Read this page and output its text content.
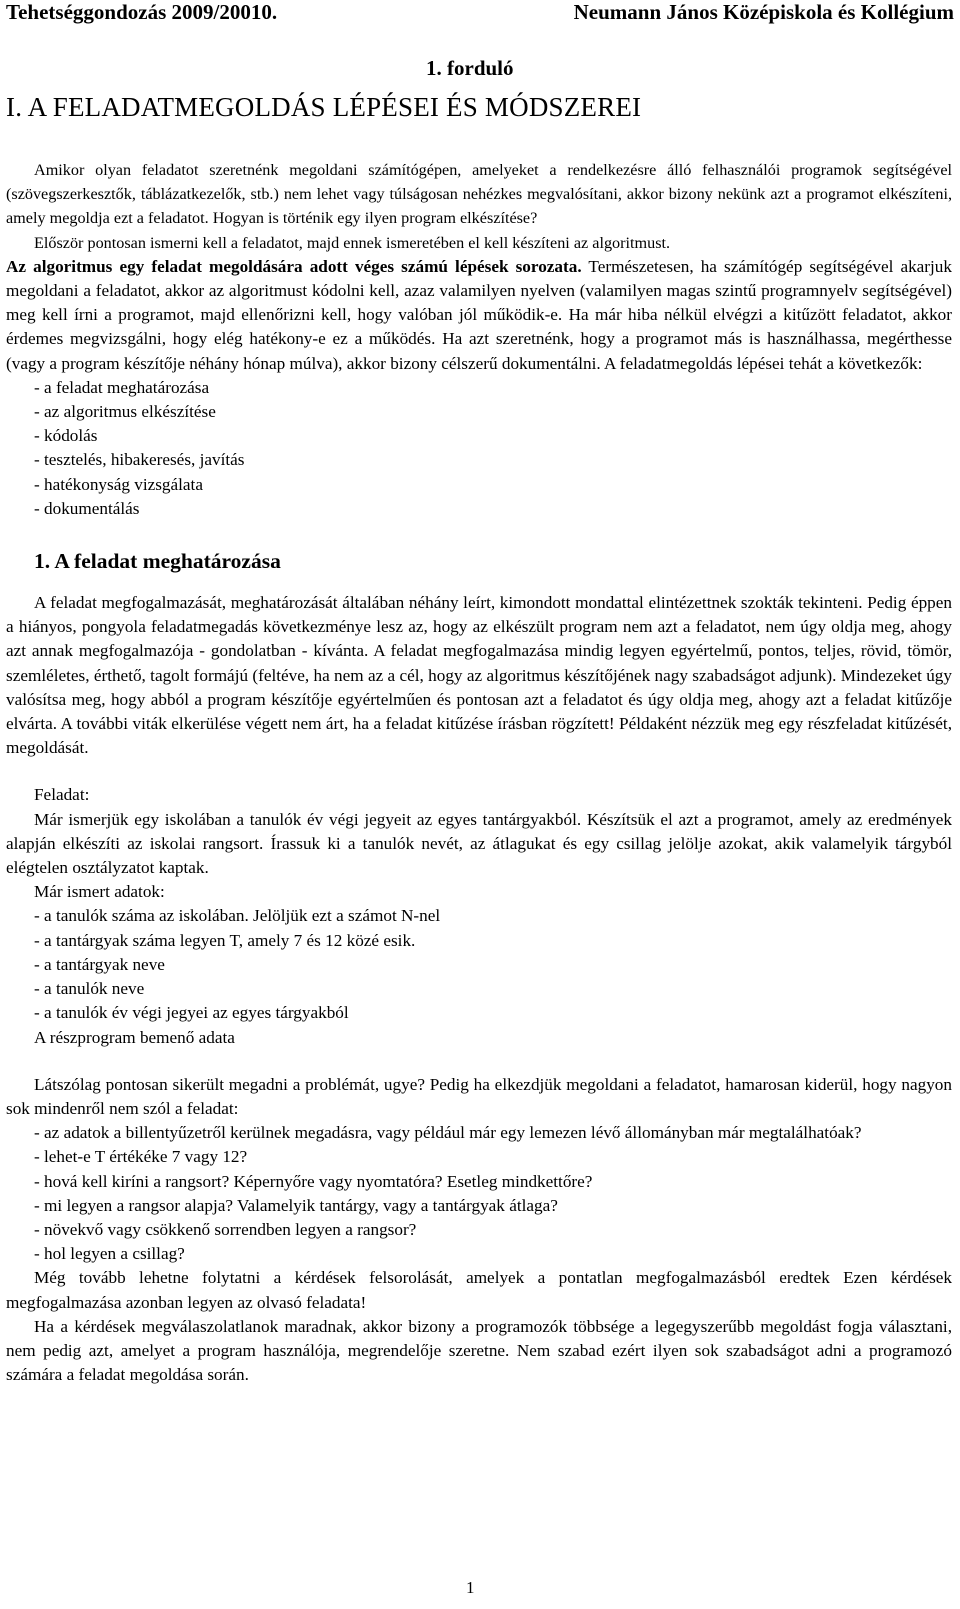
Tehetséggondozás 2009/20010.	Neumann János Középiskola és Kollégium
1. forduló
I. A FELADATMEGOLDÁS LÉPÉSEI ÉS MÓDSZEREI

Amikor olyan feladatot szeretnénk megoldani számítógépen, amelyeket a rendelkezésre álló felhasználói programok segítségével (szövegszerkesztők, táblázatkezelők, stb.) nem lehet vagy túlságosan nehézkes megvalósítani, akkor bizony nekünk azt a programot elkészíteni, amely megoldja ezt a feladatot. Hogyan is történik egy ilyen program elkészítése?

Először pontosan ismerni kell a feladatot, majd ennek ismeretében el kell készíteni az algoritmust.

Az algoritmus egy feladat megoldására adott véges számú lépések sorozata. Természetesen, ha számítógép segítségével akarjuk megoldani a feladatot, akkor az algoritmust kódolni kell, azaz valamilyen nyelven (valamilyen magas szintű programnyelv segítségével) meg kell írni a programot, majd ellenőrizni kell, hogy valóban jól működik-e. Ha már hiba nélkül elvégzi a kitűzött feladatot, akkor érdemes megvizsgálni, hogy elég hatékony-e ez a működés. Ha azt szeretnénk, hogy a programot más is használhassa, megérthesse (vagy a program készítője néhány hónap múlva), akkor bizony célszerű dokumentálni. A feladatmegoldás lépései tehát a következők:

- a feladat meghatározása
- az algoritmus elkészítése
- kódolás
- tesztelés, hibakeresés, javítás
- hatékonyság vizsgálata
- dokumentálás
1. A feladat meghatározása

A feladat megfogalmazását, meghatározását általában néhány leírt, kimondott mondattal elintézettnek szokták tekinteni. Pedig éppen a hiányos, pongyola feladatmegadás következménye lesz az, hogy az elkészült program nem azt a feladatot, nem úgy oldja meg, ahogy azt annak megfogalmazója - gondolatban - kívánta. A feladat megfogalmazása mindig legyen egyértelmű, pontos, teljes, rövid, tömör, szemléletes, érthető, tagolt formájú (feltéve, ha nem az a cél, hogy az algoritmus készítőjének nagy szabadságot adjunk). Mindezeket úgy valósítsa meg, hogy abból a program készítője egyértelműen és pontosan azt a feladatot és úgy oldja meg, ahogy azt a feladat kitűzője elvárta. A további viták elkerülése végett nem árt, ha a feladat kitűzése írásban rögzített! Példaként nézzük meg egy részfeladat kitűzését, megoldását.

Feladat:

Már ismerjük egy iskolában a tanulók év végi jegyeit az egyes tantárgyakból. Készítsük el azt a programot, amely az eredmények alapján elkészíti az iskolai rangsort. Írassuk ki a tanulók nevét, az átlagukat és egy csillag jelölje azokat, akik valamelyik tárgyból elégtelen osztályzatot kaptak.

Már ismert adatok:
- a tanulók száma az iskolában. Jelöljük ezt a számot N-nel
- a tantárgyak száma legyen T, amely 7 és 12 közé esik.
- a tantárgyak neve
- a tanulók neve
- a tanulók év végi jegyei az egyes tárgyakból
A részprogram bemenő adata

Látszólag pontosan sikerült megadni a problémát, ugye? Pedig ha elkezdjük megoldani a feladatot, hamarosan kiderül, hogy nagyon sok mindenről nem szól a feladat:

- az adatok a billentyűzetről kerülnek megadásra, vagy például már egy lemezen lévő állományban már megtalálhatóak?

- lehet-e T értékéke 7 vagy 12?
- hová kell kiríni a rangsort? Képernyőre vagy nyomtatóra? Esetleg mindkettőre?
- mi legyen a rangsor alapja? Valamelyik tantárgy, vagy a tantárgyak átlaga?
- növekvő vagy csökkenő sorrendben legyen a rangsor?
- hol legyen a csillag?

Még tovább lehetne folytatni a kérdések felsorolását, amelyek a pontatlan megfogalmazásból eredtek Ezen kérdések megfogalmazása azonban legyen az olvasó feladata!

Ha a kérdések megválaszolatlanok maradnak, akkor bizony a programozók többsége a legegyszerűbb megoldást fogja választani, nem pedig azt, amelyet a program használója, megrendelője szeretne. Nem szabad ezért ilyen sok szabadságot adni a programozó számára a feladat megoldása során.

1
